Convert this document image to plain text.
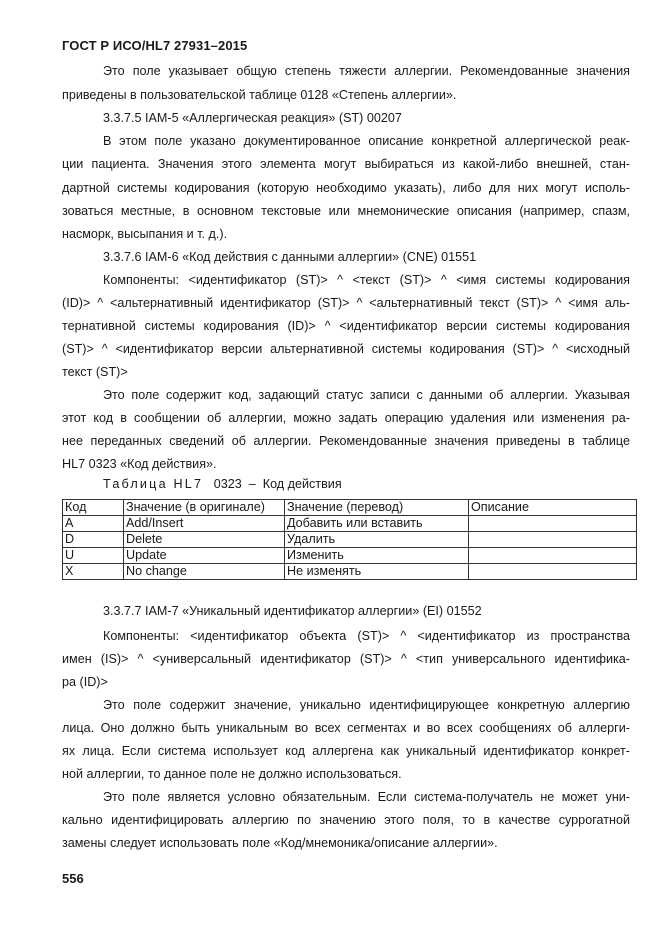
ГОСТ Р ИСО/HL7 27931–2015
Это поле указывает общую степень тяжести аллергии. Рекомендованные значения
приведены в пользовательской таблице 0128 «Степень аллергии».
3.3.7.5 IAM-5 «Аллергическая реакция» (ST) 00207
В этом поле указано документированное описание конкретной аллергической реак-
ции пациента. Значения этого элемента могут выбираться из какой-либо внешней, стан-
дартной системы кодирования (которую необходимо указать), либо для них могут исполь-
зоваться местные, в основном текстовые или мнемонические описания (например, спазм,
насморк, высыпания и т. д.).
3.3.7.6 IAM-6 «Код действия с данными аллергии» (CNE) 01551
Компоненты: <идентификатор (ST)> ^ <текст (ST)> ^ <имя системы кодирования
(ID)> ^ <альтернативный идентификатор (ST)> ^ <альтернативный текст (ST)> ^ <имя аль-
тернативной системы кодирования (ID)> ^ <идентификатор версии системы кодирования
(ST)> ^ <идентификатор версии альтернативной системы кодирования (ST)> ^ <исходный
текст (ST)>
Это поле содержит код, задающий статус записи с данными об аллергии. Указывая
этот код в сообщении об аллергии, можно задать операцию удаления или изменения ра-
нее переданных сведений об аллергии. Рекомендованные значения приведены в таблице
HL7 0323 «Код действия».
Таблица HL7 0323 – Код действия
Код	Значение (в оригинале)	Значение (перевод)	Описание
A	Add/Insert	Добавить или вставить	
D	Delete	Удалить	
U	Update	Изменить	
X	No change	Не изменять	
3.3.7.7 IAM-7 «Уникальный идентификатор аллергии» (EI) 01552
Компоненты: <идентификатор объекта (ST)> ^ <идентификатор из пространства
имен (IS)> ^ <универсальный идентификатор (ST)> ^ <тип универсального идентифика-
ра (ID)>
Это поле содержит значение, уникально идентифицирующее конкретную аллергию
лица. Оно должно быть уникальным во всех сегментах и во всех сообщениях об аллерги-
ях лица. Если система использует код аллергена как уникальный идентификатор конкрет-
ной аллергии, то данное поле не должно использоваться.
Это поле является условно обязательным. Если система-получатель не может уни-
кально идентифицировать аллергию по значению этого поля, то в качестве суррогатной
замены следует использовать поле «Код/мнемоника/описание аллергии».
556
